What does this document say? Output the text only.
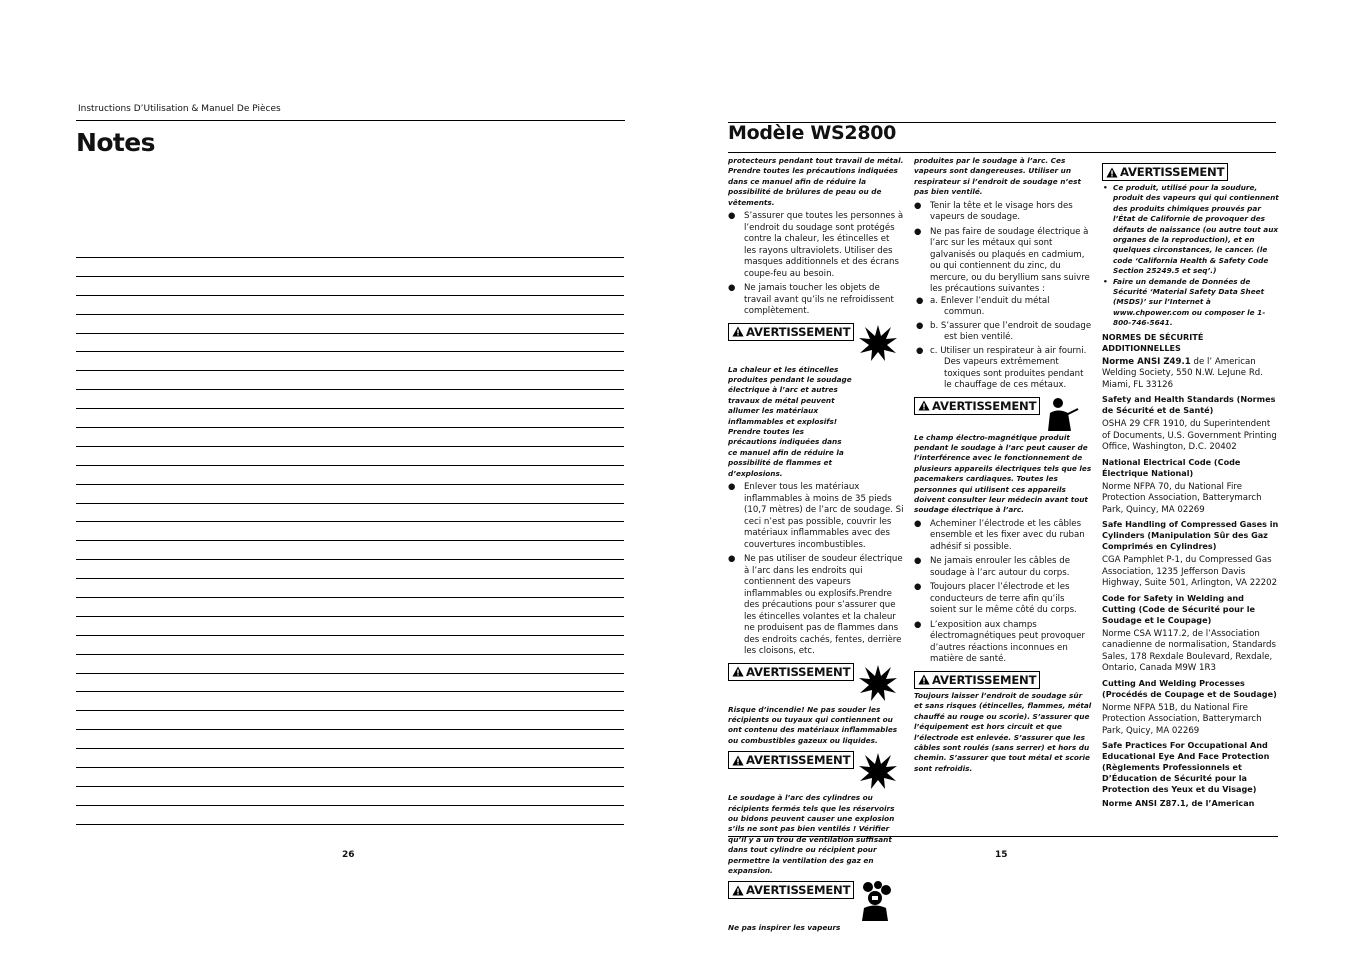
Instructions D’Utilisation & Manuel De Pièces
Notes
26
Modèle WS2800

protecteurs pendant tout travail de métal. Prendre toutes les précautions indiquées dans ce manuel afin de réduire la possibilité de brûlures de peau ou de vêtements.

● S’assurer que toutes les personnes à l’endroit du soudage sont protégés contre la chaleur, les étincelles et les rayons ultraviolets. Utiliser des masques additionnels et des écrans coupe-feu au besoin.
● Ne jamais toucher les objets de travail avant qu’ils ne refroidissent complètement.
AVERTISSEMENT

La chaleur et les étincelles produites pendant le soudage électrique à l’arc et autres travaux de métal peuvent allumer les matériaux inflammables et explosifs! Prendre toutes les précautions indiquées dans ce manuel afin de réduire la possibilité de flammes et d’explosions.

● Enlever tous les matériaux inflammables à moins de 35 pieds (10,7 mètres) de l’arc de soudage. Si ceci n’est pas possible, couvrir les matériaux inflammables avec des couvertures incombustibles.
● Ne pas utiliser de soudeur électrique à l’arc dans les endroits qui contiennent des vapeurs inflammables ou explosifs.Prendre des précautions pour s’assurer que les étincelles volantes et la chaleur ne produisent pas de flammes dans des endroits cachés, fentes, derrière les cloisons, etc.
AVERTISSEMENT

Risque d’incendie! Ne pas souder les récipients ou tuyaux qui contiennent ou ont contenu des matériaux inflammables ou combustibles gazeux ou liquides.

AVERTISSEMENT

Le soudage à l’arc des cylindres ou récipients fermés tels que les réservoirs ou bidons peuvent causer une explosion s’ils ne sont pas bien ventilés ! Vérifier qu’il y a un trou de ventilation suffisant dans tout cylindre ou récipient pour permettre la ventilation des gaz en expansion.

AVERTISSEMENT

Ne pas inspirer les vapeurs

produites par le soudage à l’arc. Ces vapeurs sont dangereuses. Utiliser un respirateur si l’endroit de soudage n’est pas bien ventilé.

● Tenir la tête et le visage hors des vapeurs de soudage.
● Ne pas faire de soudage électrique à l’arc sur les métaux qui sont galvanisés ou plaqués en cadmium, ou qui contiennent du zinc, du mercure, ou du beryllium sans suivre les précautions suivantes :
● a. Enlever l’enduit du métal commun.
● b. S’assurer que l’endroit de soudage est bien ventilé.
● c. Utiliser un respirateur à air fourni. Des vapeurs extrêmement toxiques sont produites pendant le chauffage de ces métaux.
AVERTISSEMENT

Le champ électro-magnétique produit pendant le soudage à l’arc peut causer de l’interférence avec le fonctionnement de plusieurs appareils électriques tels que les pacemakers cardiaques. Toutes les personnes qui utilisent ces appareils doivent consulter leur médecin avant tout soudage électrique à l’arc.

● Acheminer l’électrode et les câbles ensemble et les fixer avec du ruban adhésif si possible.
● Ne jamais enrouler les câbles de soudage à l’arc autour du corps.
● Toujours placer l’électrode et les conducteurs de terre afin qu’ils soient sur le même côté du corps.
● L’exposition aux champs électromagnétiques peut provoquer d’autres réactions inconnues en matière de santé.
AVERTISSEMENT

Toujours laisser l’endroit de soudage sûr et sans risques (étincelles, flammes, métal chauffé au rouge ou scorie). S’assurer que l’équipement est hors circuit et que l’électrode est enlevée. S’assurer que les câbles sont roulés (sans serrer) et hors du chemin. S’assurer que tout métal et scorie sont refroidis.

AVERTISSEMENT
• Ce produit, utilisé pour la soudure, produit des vapeurs qui qui contiennent des produits chimiques prouvés par l’État de Californie de provoquer des défauts de naissance (ou autre tout aux organes de la reproduction), et en quelques circonstances, le cancer. (le code ‘California Health & Safety Code Section 25249.5 et seq’.)
• Faire un demande de Données de Sécurité ‘Material Safety Data Sheet (MSDS)’ sur l’Internet à www.chpower.com ou composer le 1-800-746-5641.
NORMES DE SÉCURITÉ ADDITIONNELLES

Norme ANSI Z49.1 de l’ American Welding Society, 550 N.W. LeJune Rd. Miami, FL 33126

Safety and Health Standards (Normes de Sécurité et de Santé)

OSHA 29 CFR 1910, du Superintendent of Documents, U.S. Government Printing Office, Washington, D.C. 20402

National Electrical Code (Code Électrique National)

Norme NFPA 70, du National Fire Protection Association, Batterymarch Park, Quincy, MA 02269

Safe Handling of Compressed Gases in Cylinders (Manipulation Sûr des Gaz Comprimés en Cylindres)

CGA Pamphlet P-1, du Compressed Gas Association, 1235 Jefferson Davis Highway, Suite 501, Arlington, VA 22202

Code for Safety in Welding and Cutting (Code de Sécurité pour le Soudage et le Coupage)

Norme CSA W117.2, de l’Association canadienne de normalisation, Standards Sales, 178 Rexdale Boulevard, Rexdale, Ontario, Canada M9W 1R3

Cutting And Welding Processes (Procédés de Coupage et de Soudage)

Norme NFPA 51B, du National Fire Protection Association, Batterymarch Park, Quicy, MA 02269

Safe Practices For Occupational And Educational Eye And Face Protection (Règlements Professionnels et D’Éducation de Sécurité pour la Protection des Yeux et du Visage)
Norme ANSI Z87.1, de l’American
15
